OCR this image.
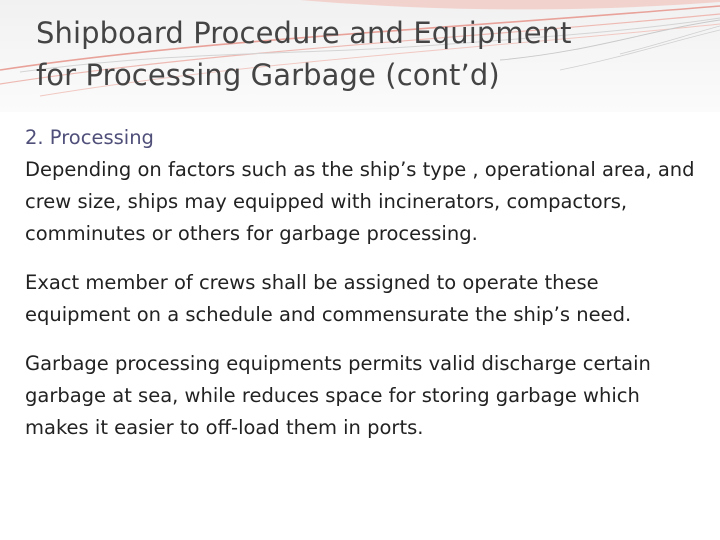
Shipboard Procedure and Equipment
for Processing Garbage (cont’d)

2. Processing

Depending on factors such as the ship’s type , operational area, and crew size, ships may equipped with incinerators, compactors, comminutes or others for garbage processing.

Exact member of crews shall be assigned to operate these equipment on a schedule and commensurate the ship’s need.

Garbage processing equipments permits valid discharge certain garbage at sea, while reduces space for storing garbage which makes it easier to off-load them in ports.
